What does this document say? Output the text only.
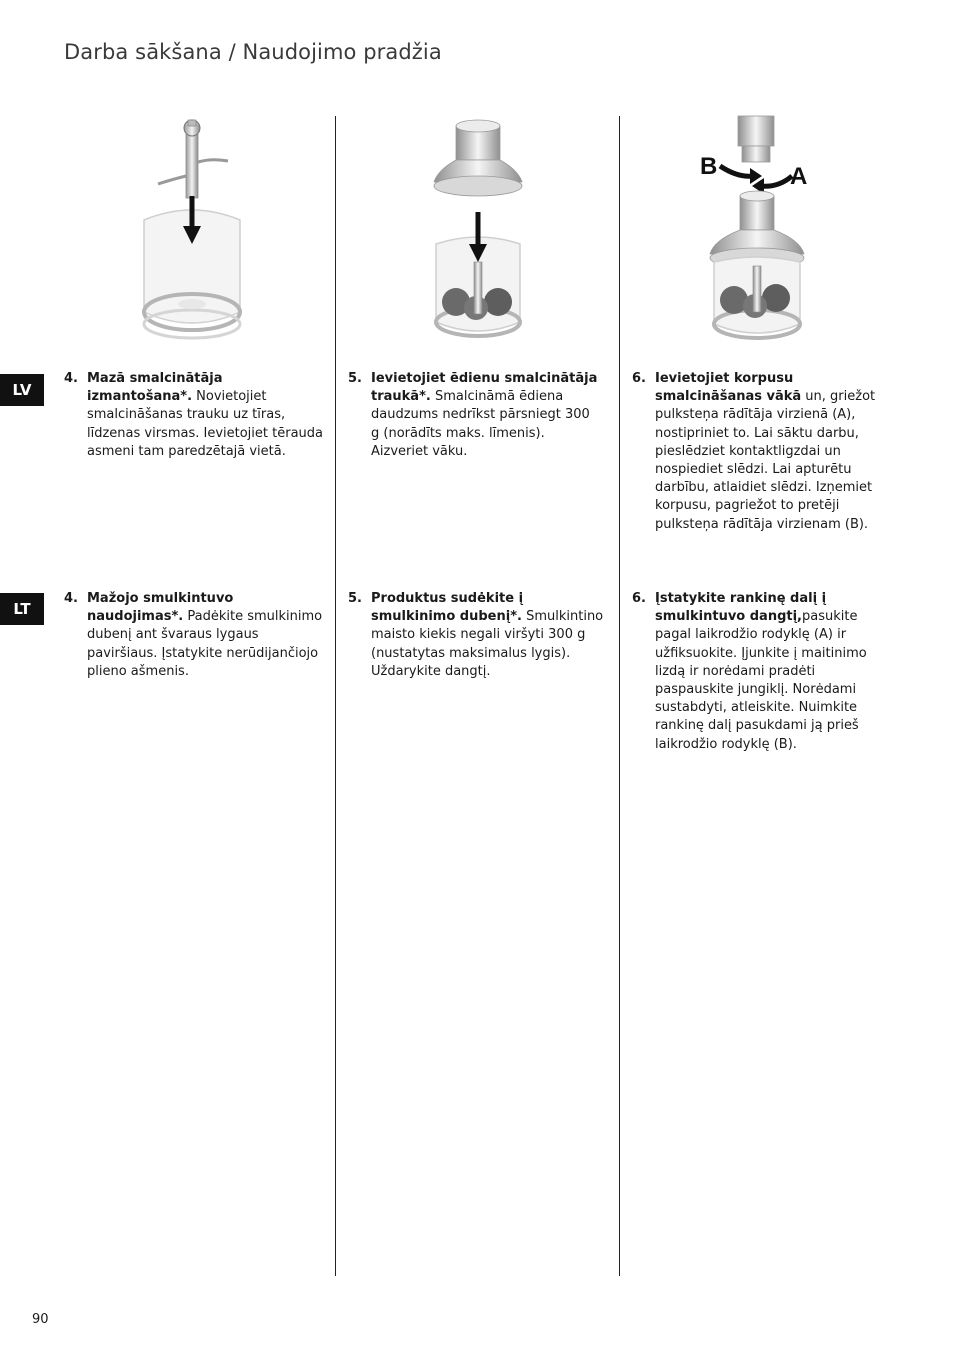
Darba sākšana / Naudojimo pradžia
B	A
LV
4. Mazā smalcinātāja izmantošana*. Novietojiet smalcināšanas trauku uz tīras, līdzenas virsmas. Ievietojiet tērauda asmeni tam paredzētajā vietā.
5. Ievietojiet ēdienu smalcinātāja traukā*. Smalcināmā ēdiena daudzums nedrīkst pārsniegt 300 g (norādīts maks. līmenis). Aizveriet vāku.
6. Ievietojiet korpusu smalcināšanas vākā un, griežot pulksteņa rādītāja virzienā (A), nostipriniet to. Lai sāktu darbu, pieslēdziet kontaktligzdai un nospiediet slēdzi. Lai apturētu darbību, atlaidiet slēdzi. Izņemiet korpusu, pagriežot to pretēji pulksteņa rādītāja virzienam (B).
LT
4. Mažojo smulkintuvo naudojimas*. Padėkite smulkinimo dubenį ant švaraus lygaus paviršiaus. Įstatykite nerūdijančiojo plieno ašmenis.
5. Produktus sudėkite į smulkinimo dubenį*. Smulkintino maisto kiekis negali viršyti 300 g (nustatytas maksimalus lygis). Uždarykite dangtį.
6. Įstatykite rankinę dalį į smulkintuvo dangtį,pasukite pagal laikrodžio rodyklę (A) ir užfiksuokite. Įjunkite į maitinimo lizdą ir norėdami pradėti paspauskite jungiklį. Norėdami sustabdyti, atleiskite. Nuimkite rankinę dalį pasukdami ją prieš laikrodžio rodyklę (B).
90
